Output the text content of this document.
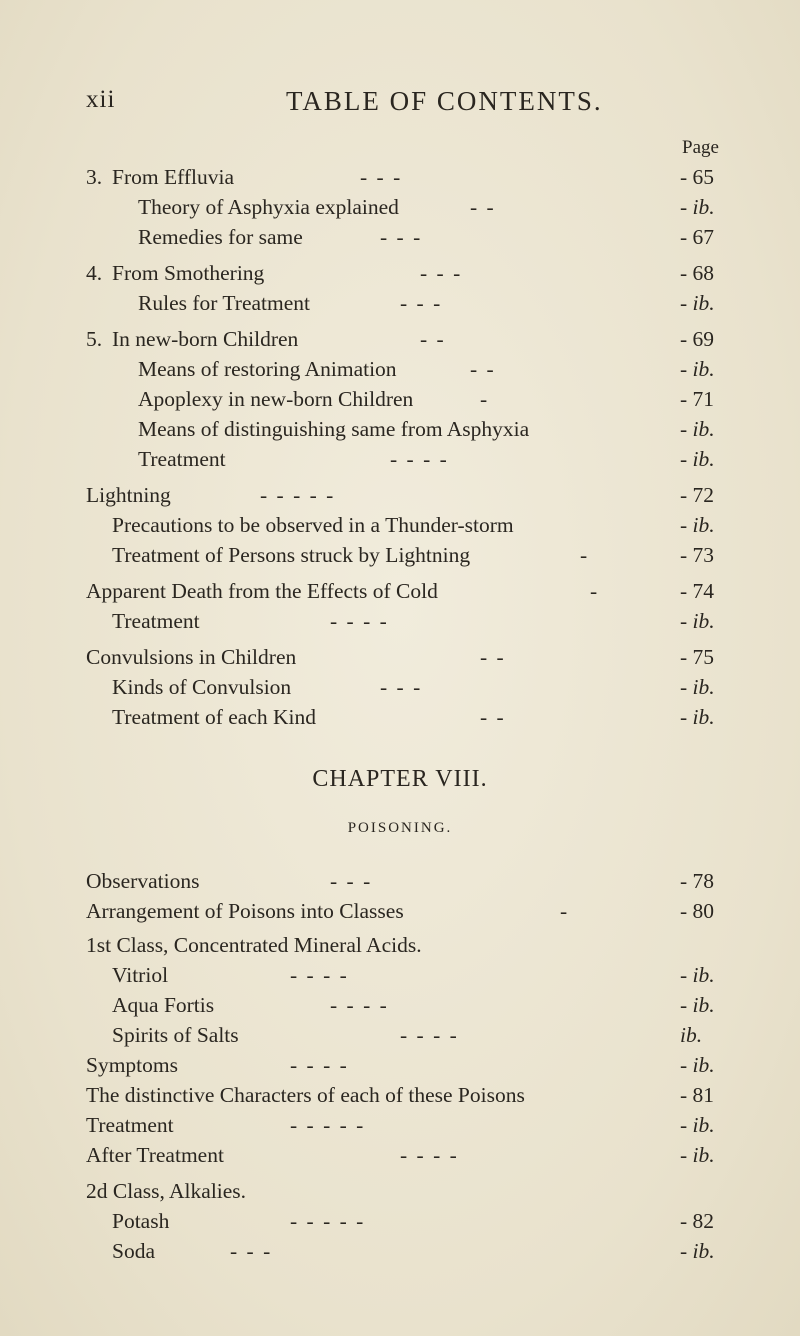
xii	TABLE OF CONTENTS.
Page
3. From Effluvia	- - -	- 65
Theory of Asphyxia explained	- -	- ib.
Remedies for same	- - -	- 67
4. From Smothering	- - -	- 68
Rules for Treatment	- - -	- ib.
5. In new-born Children	- -	- 69
Means of restoring Animation	- -	- ib.
Apoplexy in new-born Children	-	- 71
Means of distinguishing same from Asphyxia	- ib.
Treatment	- - - -	- ib.
Lightning	- - - - -	- 72
Precautions to be observed in a Thunder-storm	- ib.
Treatment of Persons struck by Lightning	-	- 73
Apparent Death from the Effects of Cold	-	- 74
Treatment	- - - -	- ib.
Convulsions in Children	- -	- 75
Kinds of Convulsion	- - -	- ib.
Treatment of each Kind	- -	- ib.
CHAPTER VIII.
POISONING.
Observations	- - -	- 78
Arrangement of Poisons into Classes	-	- 80
1st Class, Concentrated Mineral Acids.
Vitriol	- - - -	- ib.
Aqua Fortis	- - - -	- ib.
Spirits of Salts	- - - -	ib.
Symptoms	- - - -	- ib.
The distinctive Characters of each of these Poisons	- 81
Treatment	- - - - -	- ib.
After Treatment	- - - -	- ib.
2d Class, Alkalies.
Potash	- - - - -	- 82
Soda	- - -	- ib.
